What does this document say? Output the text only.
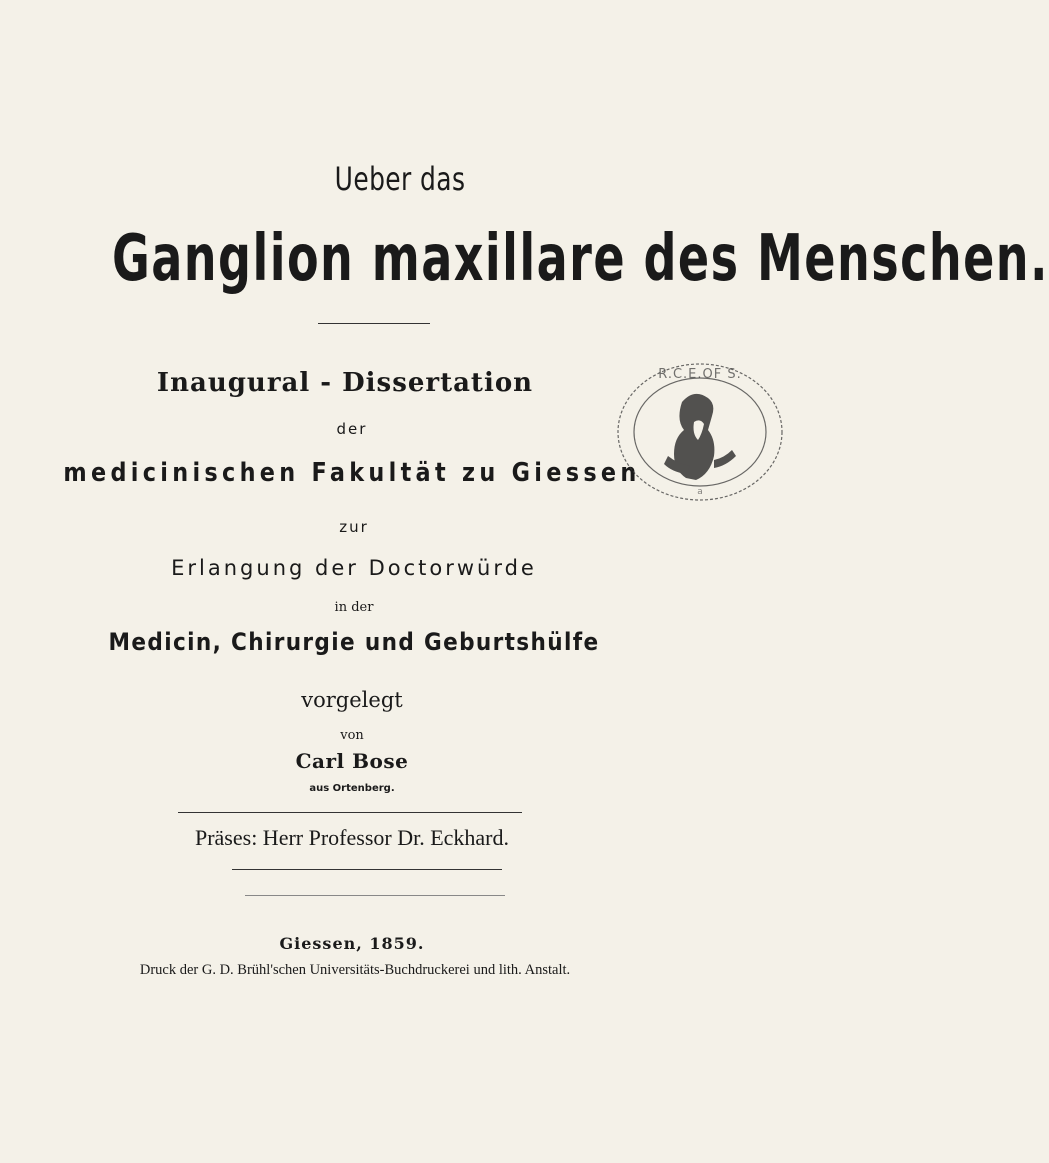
Ueber das
Ganglion maxillare des Menschen.
Inaugural - Dissertation
der
medicinischen Fakultät zu Giessen
zur
Erlangung der Doctorwürde
in der
Medicin, Chirurgie und Geburtshülfe
vorgelegt
von
Carl Bose
aus Ortenberg.
Präses: Herr Professor Dr. Eckhard.
Giessen, 1859.
Druck der G. D. Brühl'schen Universitäts-Buchdruckerei und lith. Anstalt.
R.C.E.OF S.
a
